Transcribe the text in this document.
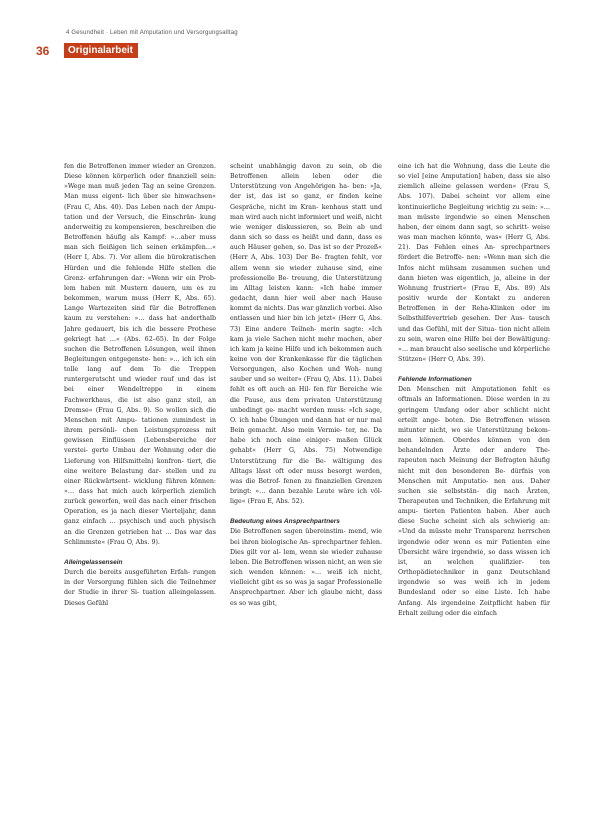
4 Gesundheit · Leben mit Amputation und Versorgungsalltag
36	Originalarbeit

fen die Betroffenen immer wieder an Grenzen. Diese können körperlich oder finanziell sein: »Wege man muß jeden Tag an seine Grenzen. Man muss eigent- lich über sie hinwachsen« (Frau C, Abs. 40). Das Leben nach der Ampu- tation und der Versuch, die Einschrän- kung anderweitig zu kompensieren, beschreiben die Betroffenen häufig als Kampf: »…aber muss man sich fleißigen lich seinen erkämpfen…« (Herr I, Abs. 7). Vor allem die bürokratischen Hürden und die fehlende Hilfe stellen die Grenz- erfahrungen dar: »Wenn wir ein Prob- lem haben mit Mustern dauern, um es zu bekommen, warum muss (Herr K, Abs. 65). Lange Wartezeiten sind für die Betroffenen kaum zu verstehen: »… dass hat anderthalb Jahre gedauert, bis ich die bessere Prothese gekriegt hat …« (Abs. 62–65). In der Folge suchen die Betroffenen Lösungen, weil ihnen Begleitungen entgegenste- hen: »… ich ich ein tolle lang auf dem To die Treppen runtergerutscht und wieder rauf und das ist bei einer Wendeltreppe in einem Fachwerkhaus, die ist also ganz steil, an Dremse« (Frau G, Abs. 9). So wollen sich die Menschen mit Ampu- tationen zumindest in ihrem persönli- chen Leistungsprozess mit gewissen Einflüssen (Lebensbereiche der verstei- gerte Umbau der Wohnung oder die Lieferung von Hilfsmitteln) konfron- tiert, die eine weitere Belastung dar- stellen und zu einer Rückwärtsent- wicklung führen können: »… dass hat mich auch körperlich ziemlich zurück geworfen, weil das nach einer frischen Operation, es ja nach dieser Vierteljahr, dann ganz einfach … psychisch und auch physisch an die Grenzen getrieben hat … Das war das Schlimmste« (Frau O, Abs. 9).

Alleingelassensein

Durch die bereits ausgeführten Erfah- rungen in der Versorgung fühlen sich die Teilnehmer der Studie in ihrer Si- tuation alleingelassen. Dieses Gefühl

scheint unabhängig davon zu sein, ob die Betroffenen allein leben oder die Unterstützung von Angehörigen ha- ben: »Ja, der ist, das ist so ganz, er finden keine Gespräche, nicht im Kran- kenhaus statt und man wird auch nicht informiert und weiß, nicht wie weniger diskussieren, so. Bein ab und dann sich so dass es heißt und dann, dass es auch Häuser gehen, so. Das ist so der Prozeß« (Herr A, Abs. 103) Der Be- fragten fehlt, vor allem wenn sie wieder zuhause sind, eine professionelle Be- treuung, die Unterstützung im Alltag leisten kann: »Ich habe immer gedacht, dann hier weil aber nach Hause kommt da nichts. Das war gänzlich vorbei. Also entlassen und hier bin ich jetzt« (Herr G, Abs. 73) Eine andere Teilneh- merin sagte: »Ich kam ja viele Sachen nicht mehr machen, aber ich kam ja keine Hilfe und ich bekommen auch keine von der Krankenkasse für die täglichen Versorgungen, also Kochen und Woh- nung sauber und so weiter« (Frau Q, Abs. 11). Dabei fehlt es oft auch an Hil- fen für Bereiche wie die Pause, aus dem privaten Unterstützung unbedingt ge- macht werden muss: »Ich sage, O. ich habe Übungen und dann hat er nur mal Bein gemacht. Also mein Vermie- ter, ne. Da habe ich noch eine einiger- maßen Glück gehabt« (Herr G, Abs. 75) Notwendige Unterstützung für die Be- wältigung des Alltags lässt oft oder muss besorgt werden, was die Betrof- fenen zu finanziellen Grenzen bringt: »… dann bezahle Leute wäre ich völ- lige« (Frau E, Abs. 52).

Bedeutung eines Ansprechpartners

Die Betroffenen sagen übereinstim- mend, wie bei ihren biologische An- sprechpartner fehlen. Dies gilt vor al- lem, wenn sie wieder zuhause leben. Die Betroffenen wissen nicht, an wen sie sich wenden können: »… weiß ich nicht, vielleicht gibt es so was ja sagar Professionelle Ansprechpartner. Aber ich glaube nicht, dass es so was gibt,

eine ich hat die Wohnung, dass die Leute die so viel [eine Amputation] haben, dass sie also ziemlich alleine gelassen werden« (Frau S, Abs. 107). Dabei scheint vor allem eine kontinuierliche Begleitung wichtig zu sein: »… man müsste irgendwie so einen Menschen haben, der einem dann sagt, so schritt- weise was man machen könnte, was« (Herr G, Abs. 21). Das Fehlen eines An- sprechpartners fördert die Betroffe- nen: »Wenn man sich die Infos nicht mühsam zusammen suchen und dann bieten was eigentlich, ja, alleine in der Wohnung frustriert« (Frau E, Abs. 89) Als positiv wurde der Kontakt zu anderen Betroffenen in der Reha-Klinken oder im Selbsthilfevertrieb gesehen. Der Aus- tausch und das Gefühl, mit der Situa- tion nicht allein zu sein, waren eine Hilfe bei der Bewältigung: »… man braucht also seelische und körperliche Stützen« (Herr O, Abs. 39).

Fehlende Informationen

Den Menschen mit Amputationen fehlt es oftmals an Informationen. Diese werden in zu geringem Umfang oder aber schlicht nicht erteilt ange- boten. Die Betroffenen wissen mitunter nicht, wo sie Unterstützung bekom- men können. Oberdes können von den behandelnden Ärzte oder andere The- rapeuten nach Meinung der Befragten häufig nicht mit den besonderen Be- dürfnis von Menschen mit Amputatio- nen aus. Daher suchen sie selbststän- dig nach Ärzten, Therapeuten und Techniken, die Erfahrung mit ampu- tierten Patienten haben. Aber auch diese Suche scheint sich als schwierig an: »Und da müsste mehr Transparenz herrschen irgendwie oder wenn es mir Patienten eine Übersicht wäre irgendwie, so dass wissen ich ist, an welchen qualifizier- ten Orthopädietechniker in ganz Deutschland irgendwie so was weiß ich in jedem Bundesland oder so eine Liste. Ich habe Anfang. Als irgendeine Zeitpflicht haben für Erhalt zeilung oder die einfach
